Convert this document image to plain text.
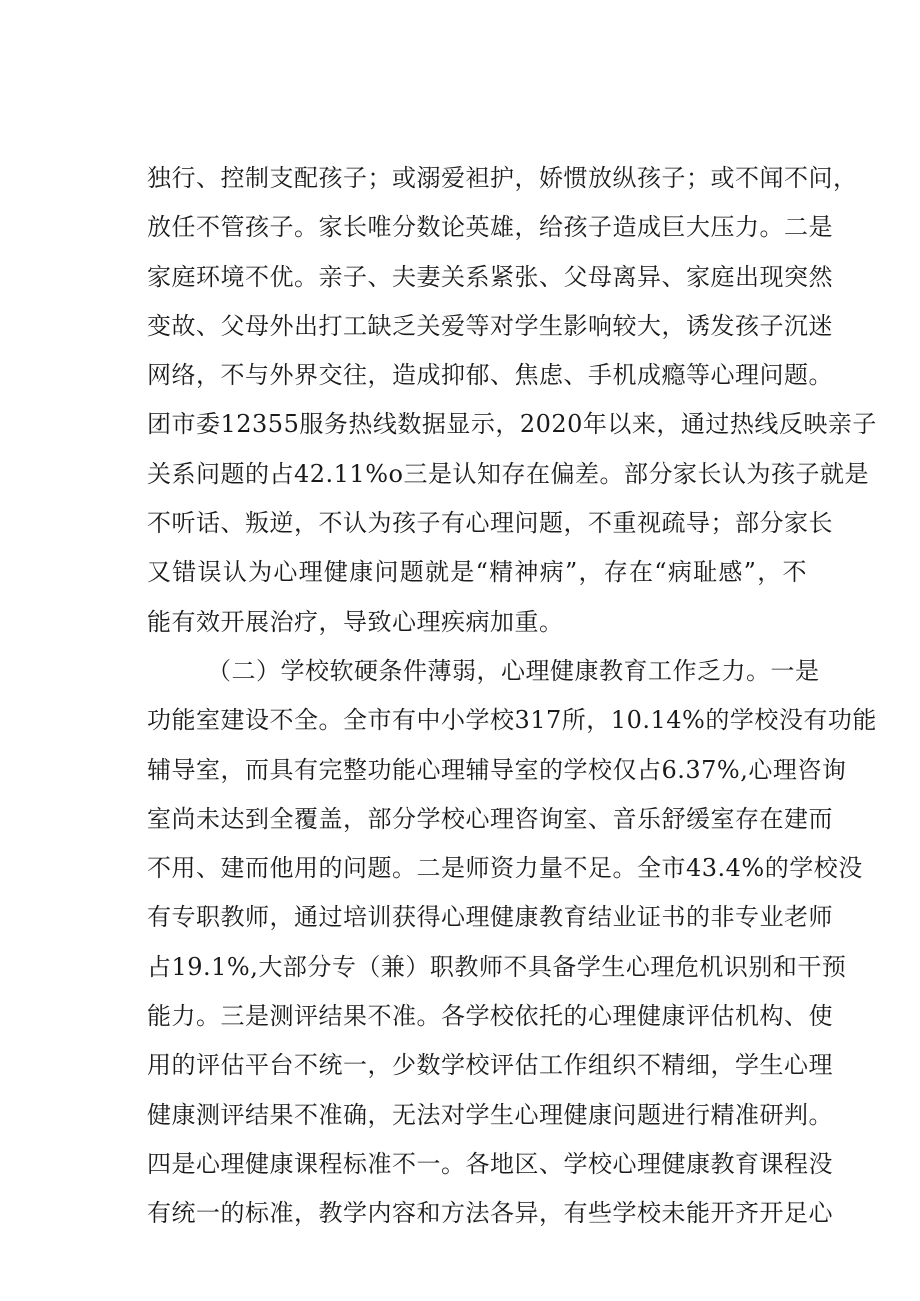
独行、控制支配孩子；或溺爱袒护，娇惯放纵孩子；或不闻不问，
放任不管孩子。家长唯分数论英雄，给孩子造成巨大压力。二是
家庭环境不优。亲子、夫妻关系紧张、父母离异、家庭出现突然
变故、父母外出打工缺乏关爱等对学生影响较大，诱发孩子沉迷
网络，不与外界交往，造成抑郁、焦虑、手机成瘾等心理问题。
团市委12355服务热线数据显示，2020年以来，通过热线反映亲子
关系问题的占42.11%o三是认知存在偏差。部分家长认为孩子就是
不听话、叛逆，不认为孩子有心理问题，不重视疏导；部分家长
又错误认为心理健康问题就是“精神病”，存在“病耻感”，不
能有效开展治疗，导致心理疾病加重。
（二）学校软硬条件薄弱，心理健康教育工作乏力。一是
功能室建设不全。全市有中小学校317所，10.14%的学校没有功能
辅导室，而具有完整功能心理辅导室的学校仅占6.37%,心理咨询
室尚未达到全覆盖，部分学校心理咨询室、音乐舒缓室存在建而
不用、建而他用的问题。二是师资力量不足。全市43.4%的学校没
有专职教师，通过培训获得心理健康教育结业证书的非专业老师
占19.1%,大部分专（兼）职教师不具备学生心理危机识别和干预
能力。三是测评结果不准。各学校依托的心理健康评估机构、使
用的评估平台不统一，少数学校评估工作组织不精细，学生心理
健康测评结果不准确，无法对学生心理健康问题进行精准研判。
四是心理健康课程标准不一。各地区、学校心理健康教育课程没
有统一的标准，教学内容和方法各异，有些学校未能开齐开足心
